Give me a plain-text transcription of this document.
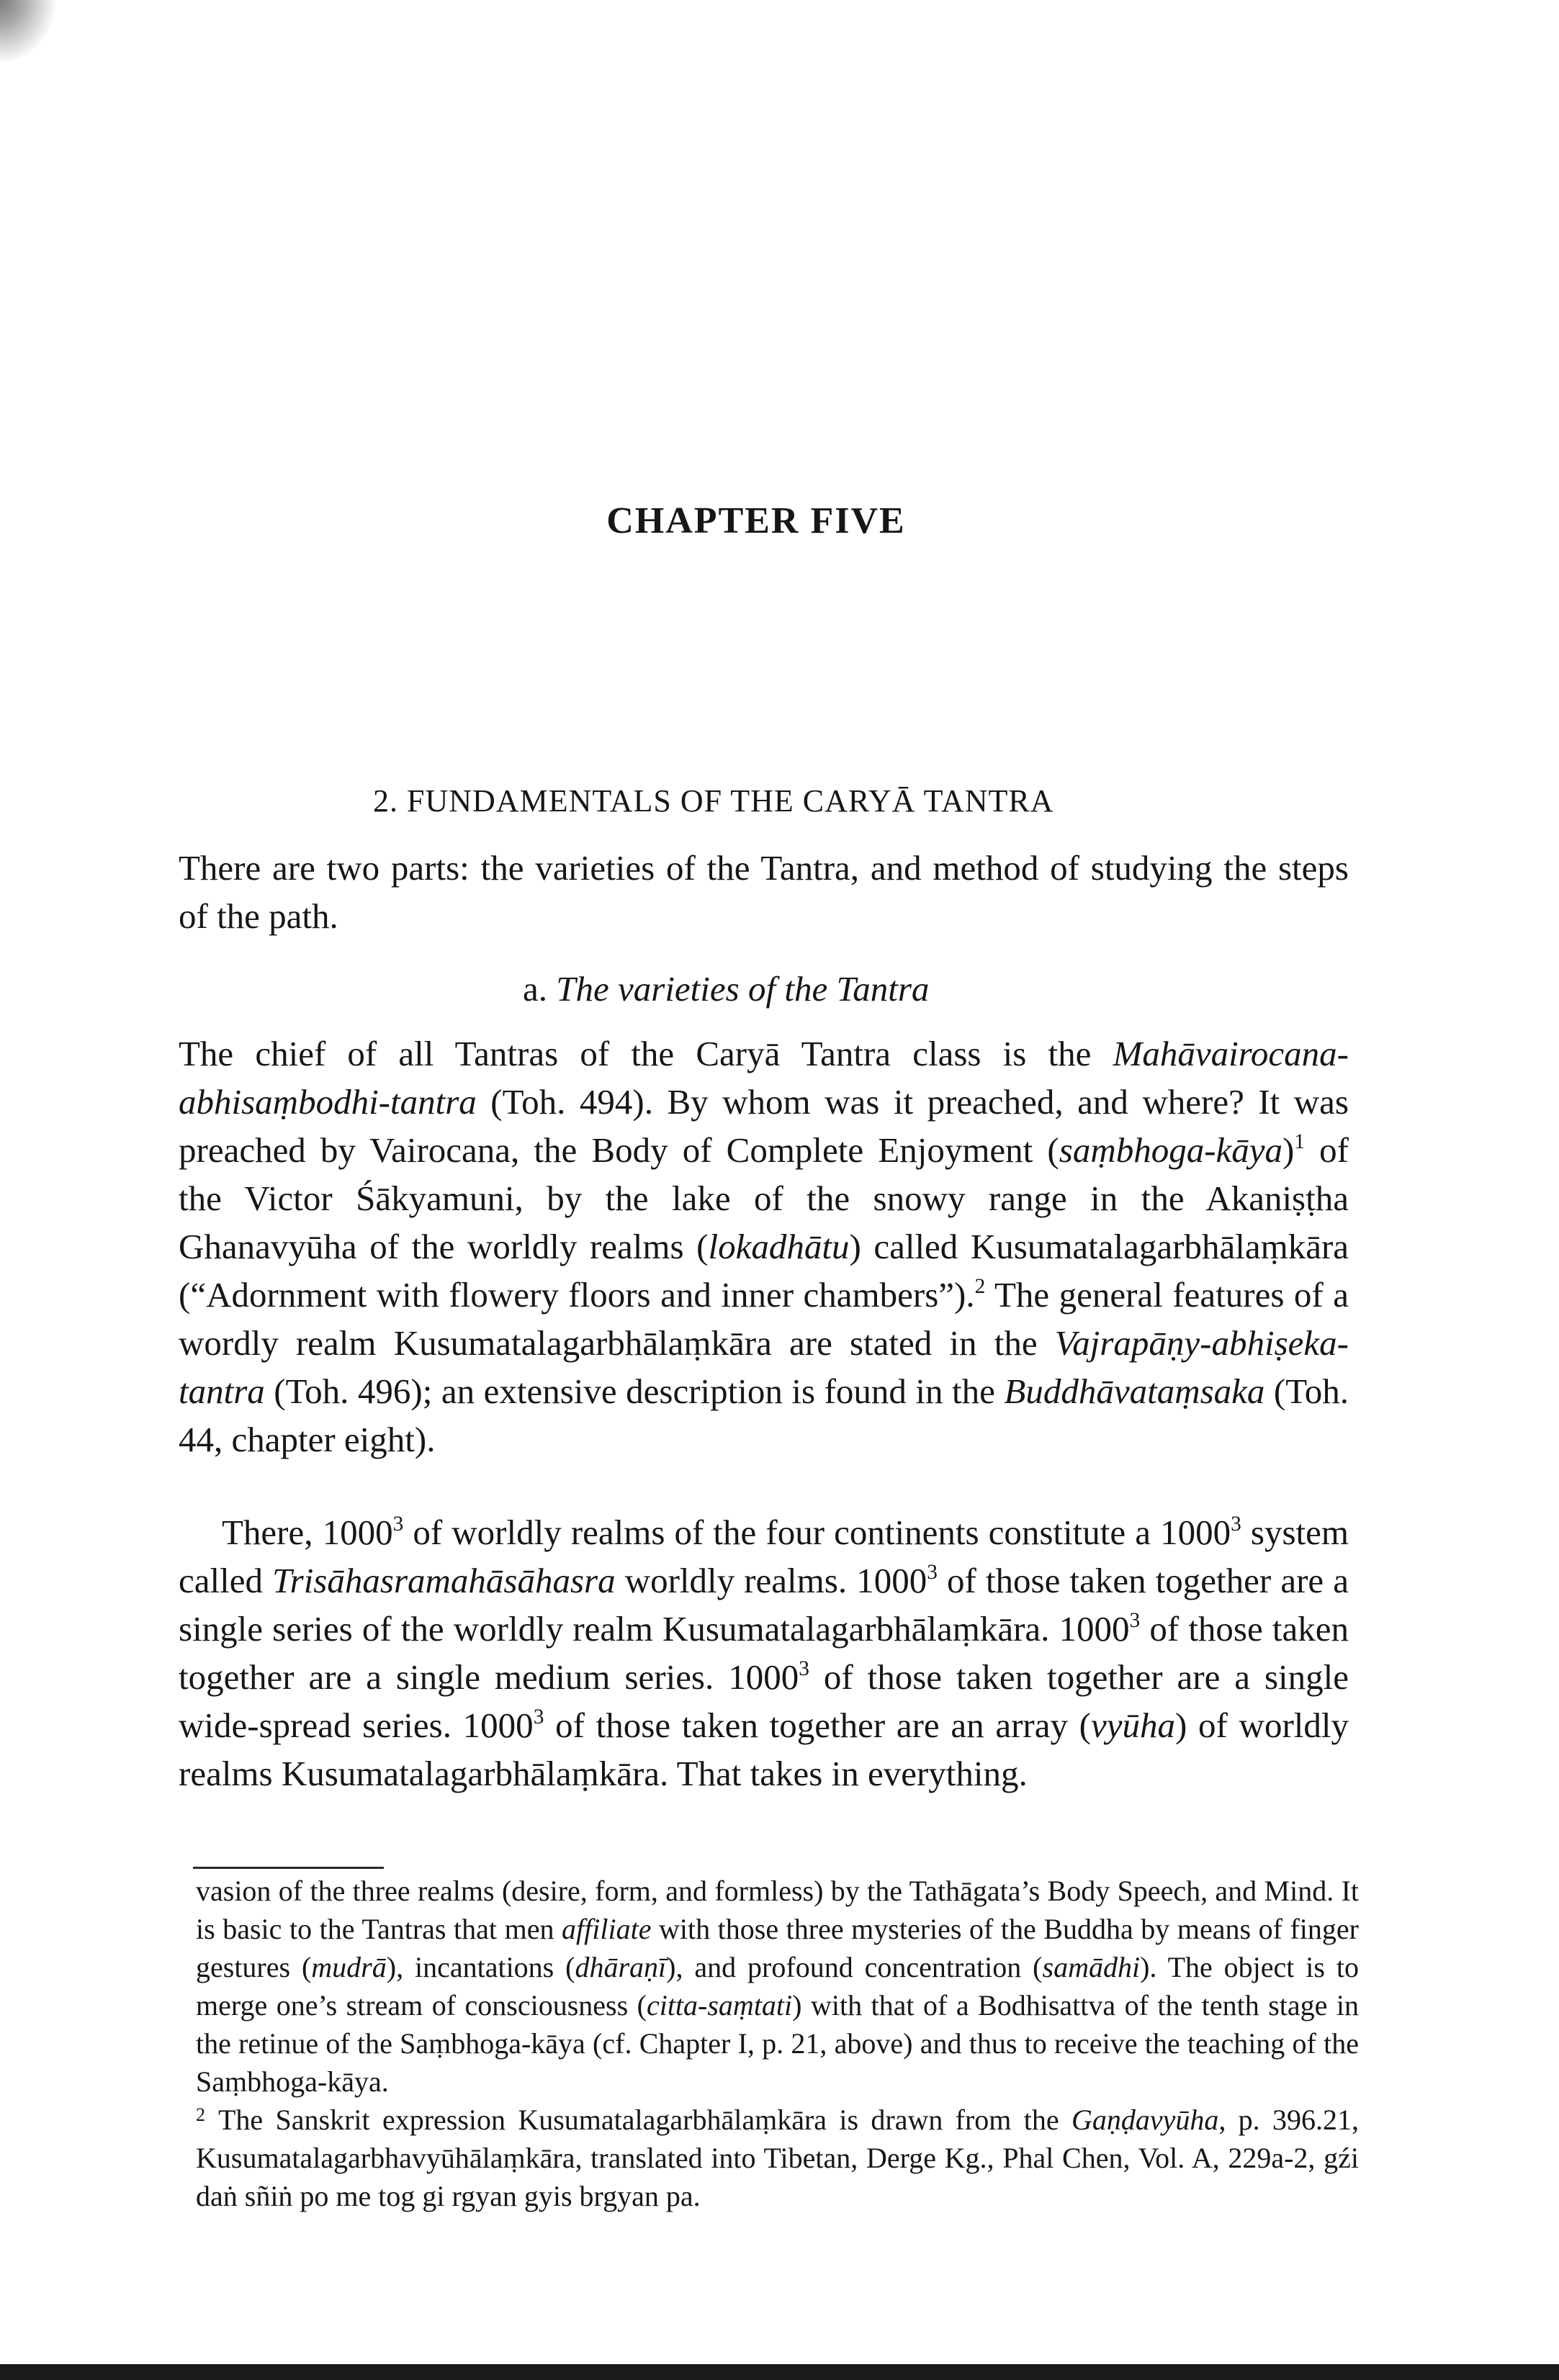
CHAPTER FIVE
2. FUNDAMENTALS OF THE CARYĀ TANTRA

There are two parts: the varieties of the Tantra, and method of studying the steps of the path.

a. The varieties of the Tantra

The chief of all Tantras of the Caryā Tantra class is the Mahāvairocana-abhisaṃbodhi-tantra (Toh. 494). By whom was it preached, and where? It was preached by Vairocana, the Body of Complete Enjoyment (saṃbhoga-kāya)$^1$ of the Victor Śākyamuni, by the lake of the snowy range in the Akaniṣṭha Ghanavyūha of the worldly realms (lokadhātu) called Kusumatalagarbhālaṃkāra (“Adornment with flowery floors and inner chambers”).$^2$ The general features of a wordly realm Kusumatalagarbhālaṃkāra are stated in the Vajrapāṇy-abhiṣeka-tantra (Toh. 496); an extensive description is found in the Buddhāvataṃsaka (Toh. 44, chapter eight).

There, 1000$^3$ of worldly realms of the four continents constitute a 1000$^3$ system called Trisāhasramahāsāhasra worldly realms. 1000$^3$ of those taken together are a single series of the worldly realm Kusumatalagarbhālaṃkāra. 1000$^3$ of those taken together are a single medium series. 1000$^3$ of those taken together are a single wide-spread series. 1000$^3$ of those taken together are an array (vyūha) of worldly realms Kusumatalagarbhālaṃkāra. That takes in everything.

vasion of the three realms (desire, form, and formless) by the Tathāgata’s Body Speech, and Mind. It is basic to the Tantras that men affiliate with those three mysteries of the Buddha by means of finger gestures (mudrā), incantations (dhāraṇī), and profound concentration (samādhi). The object is to merge one’s stream of consciousness (citta-saṃtati) with that of a Bodhisattva of the tenth stage in the retinue of the Saṃbhoga-kāya (cf. Chapter I, p. 21, above) and thus to receive the teaching of the Saṃbhoga-kāya.

$^2$ The Sanskrit expression Kusumatalagarbhālaṃkāra is drawn from the Gaṇḍavyūha, p. 396.21, Kusumatalagarbhavyūhālaṃkāra, translated into Tibetan, Derge Kg., Phal Chen, Vol. A, 229a-2, gźi daṅ sñiṅ po me tog gi rgyan gyis brgyan pa.
